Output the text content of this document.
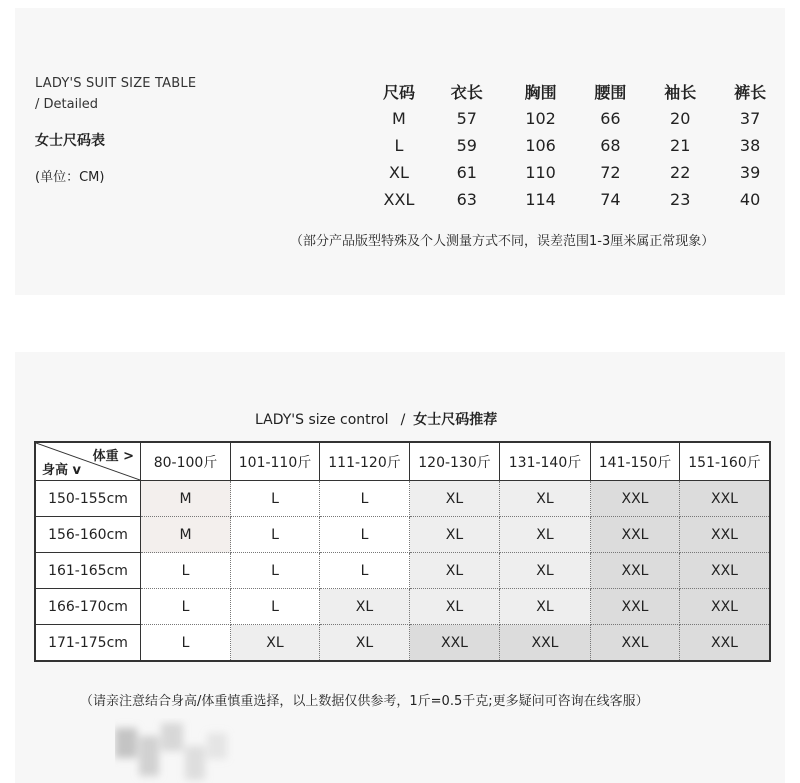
LADY'S SUIT SIZE TABLE
/ Detailed
女士尺码表
(单位：CM)
尺码	衣长	胸围	腰围	袖长	裤长
M	57	102	66	20	37
L	59	106	68	21	38
XL	61	110	72	22	39
XXL	63	114	74	23	40
（部分产品版型特殊及个人测量方式不同，误差范围1-3厘米属正常现象）
LADY'S size control / 女士尺码推荐
体重 >
身高 v	80-100斤	101-110斤	111-120斤	120-130斤	131-140斤	141-150斤	151-160斤
150-155cm	M	L	L	XL	XL	XXL	XXL
156-160cm	M	L	L	XL	XL	XXL	XXL
161-165cm	L	L	L	XL	XL	XXL	XXL
166-170cm	L	L	XL	XL	XL	XXL	XXL
171-175cm	L	XL	XL	XXL	XXL	XXL	XXL
（请亲注意结合身高/体重慎重选择，以上数据仅供参考，1斤=0.5千克;更多疑问可咨询在线客服）
